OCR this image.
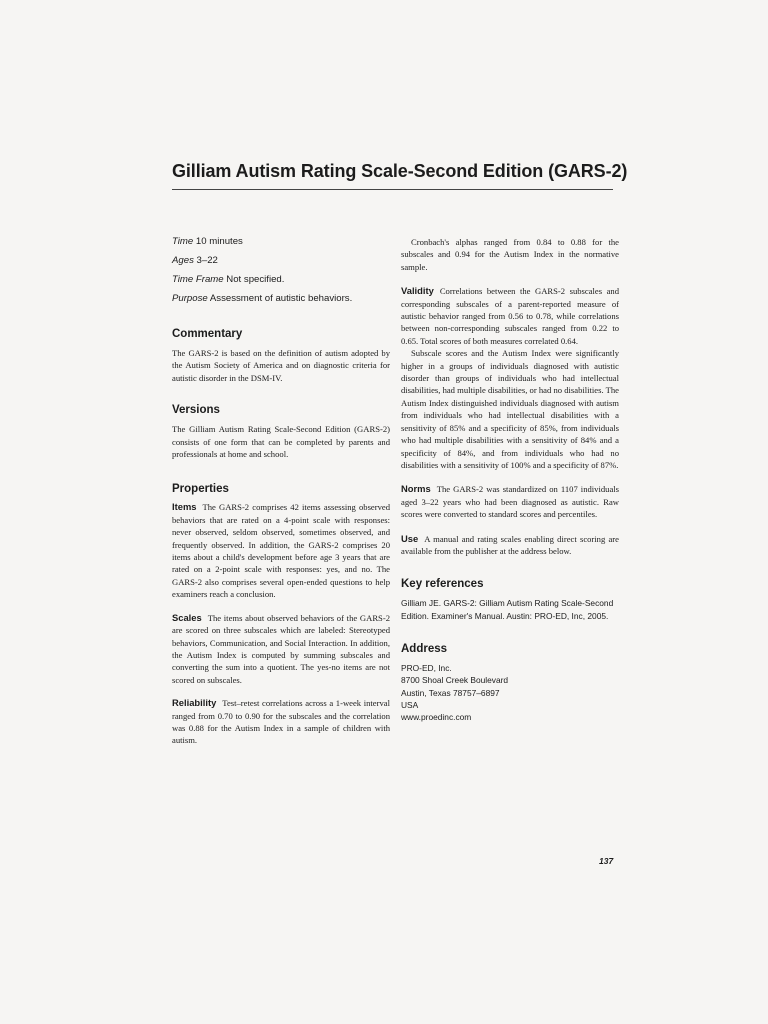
Gilliam Autism Rating Scale-Second Edition (GARS-2)

Time 10 minutes

Ages 3–22

Time Frame Not specified.

Purpose Assessment of autistic behaviors.

Commentary

The GARS-2 is based on the definition of autism adopted by the Autism Society of America and on diagnostic criteria for autistic disorder in the DSM-IV.

Versions

The Gilliam Autism Rating Scale-Second Edition (GARS-2) consists of one form that can be completed by parents and professionals at home and school.

Properties

Items The GARS-2 comprises 42 items assessing observed behaviors that are rated on a 4-point scale with responses: never observed, seldom observed, sometimes observed, and frequently observed. In addition, the GARS-2 comprises 20 items about a child's development before age 3 years that are rated on a 2-point scale with responses: yes, and no. The GARS-2 also comprises several open-ended questions to help examiners reach a conclusion.

Scales The items about observed behaviors of the GARS-2 are scored on three subscales which are labeled: Stereotyped behaviors, Communication, and Social Interaction. In addition, the Autism Index is computed by summing subscales and converting the sum into a quotient. The yes-no items are not scored on subscales.

Reliability Test–retest correlations across a 1-week interval ranged from 0.70 to 0.90 for the subscales and the correlation was 0.88 for the Autism Index in a sample of children with autism.

Cronbach's alphas ranged from 0.84 to 0.88 for the subscales and 0.94 for the Autism Index in the normative sample.

Validity Correlations between the GARS-2 subscales and corresponding subscales of a parent-reported measure of autistic behavior ranged from 0.56 to 0.78, while correlations between non-corresponding subscales ranged from 0.22 to 0.65. Total scores of both measures correlated 0.64.

Subscale scores and the Autism Index were significantly higher in a groups of individuals diagnosed with autistic disorder than groups of individuals who had intellectual disabilities, had multiple disabilities, or had no disabilities. The Autism Index distinguished individuals diagnosed with autism from individuals who had intellectual disabilities with a sensitivity of 85% and a specificity of 85%, from individuals who had multiple disabilities with a sensitivity of 84% and a specificity of 84%, and from individuals who had no disabilities with a sensitivity of 100% and a specificity of 87%.

Norms The GARS-2 was standardized on 1107 individuals aged 3–22 years who had been diagnosed as autistic. Raw scores were converted to standard scores and percentiles.

Use A manual and rating scales enabling direct scoring are available from the publisher at the address below.

Key references

Gilliam JE. GARS-2: Gilliam Autism Rating Scale-Second Edition. Examiner's Manual. Austin: PRO-ED, Inc, 2005.

Address

PRO-ED, Inc.

8700 Shoal Creek Boulevard

Austin, Texas 78757–6897

USA

www.proedinc.com

137
